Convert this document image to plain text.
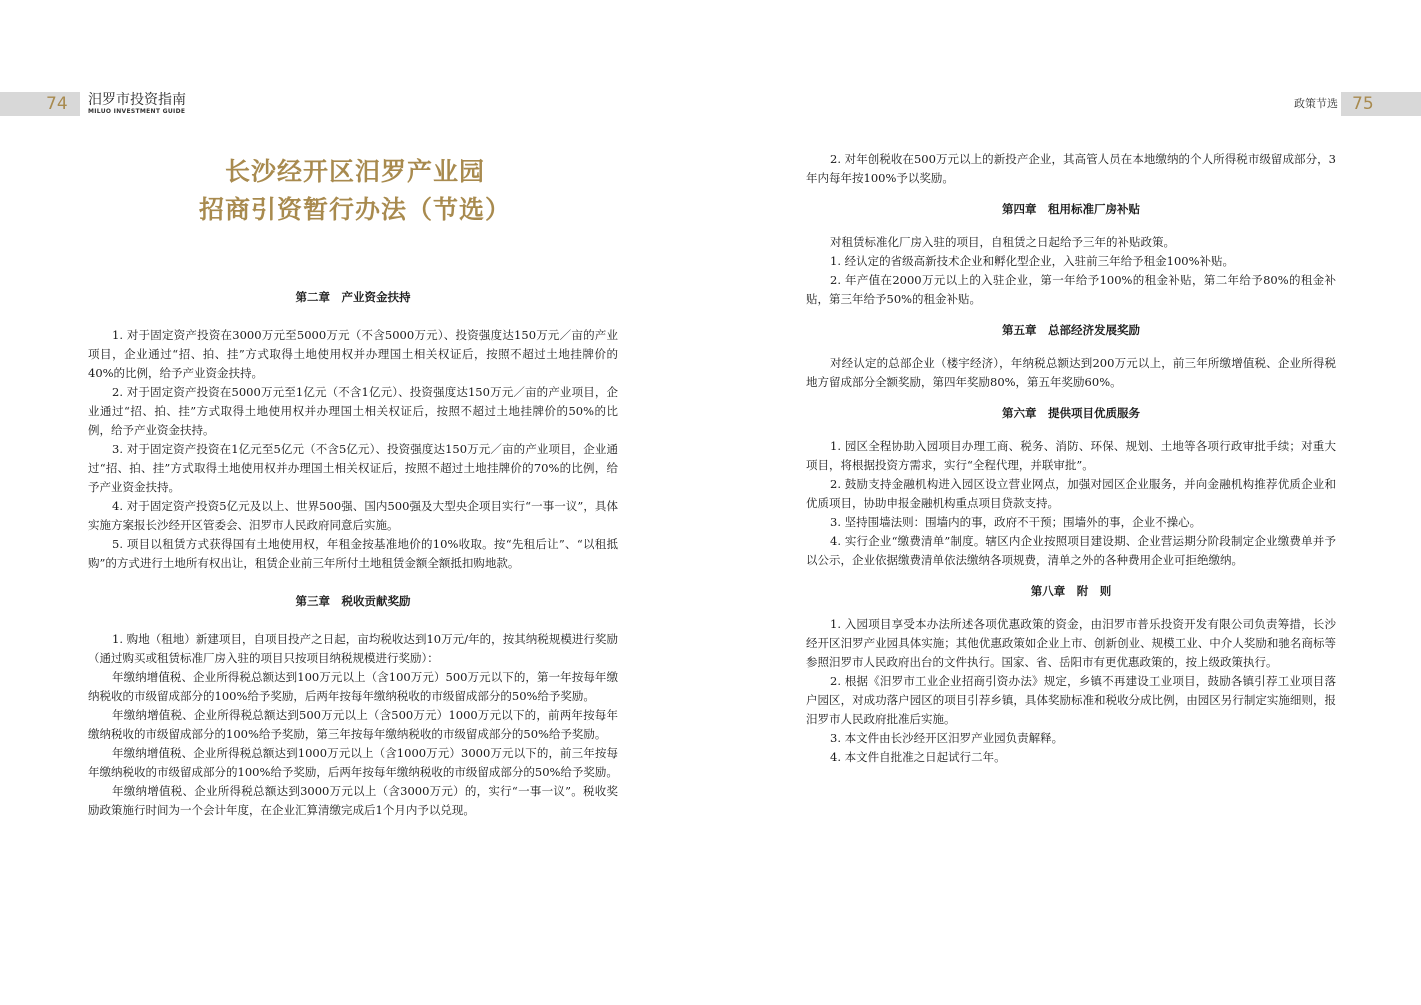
74 汨罗市投资指南
MILUO INVESTMENT GUIDE
政策节选 75
长沙经开区汨罗产业园
招商引资暂行办法（节选）

第二章　产业资金扶持

1. 对于固定资产投资在3000万元至5000万元（不含5000万元）、投资强度达150万元／亩的产业项目，企业通过“招、拍、挂”方式取得土地使用权并办理国土相关权证后，按照不超过土地挂牌价的40%的比例，给予产业资金扶持。

2. 对于固定资产投资在5000万元至1亿元（不含1亿元）、投资强度达150万元／亩的产业项目，企业通过“招、拍、挂”方式取得土地使用权并办理国土相关权证后，按照不超过土地挂牌价的50%的比例，给予产业资金扶持。

3. 对于固定资产投资在1亿元至5亿元（不含5亿元）、投资强度达150万元／亩的产业项目，企业通过“招、拍、挂”方式取得土地使用权并办理国土相关权证后，按照不超过土地挂牌价的70%的比例，给予产业资金扶持。

4. 对于固定资产投资5亿元及以上、世界500强、国内500强及大型央企项目实行“一事一议”，具体实施方案报长沙经开区管委会、汨罗市人民政府同意后实施。

5. 项目以租赁方式获得国有土地使用权，年租金按基准地价的10%收取。按“先租后让”、“以租抵购”的方式进行土地所有权出让，租赁企业前三年所付土地租赁金额全额抵扣购地款。

第三章　税收贡献奖励

1. 购地（租地）新建项目，自项目投产之日起，亩均税收达到10万元/年的，按其纳税规模进行奖励（通过购买或租赁标准厂房入驻的项目只按项目纳税规模进行奖励）：

年缴纳增值税、企业所得税总额达到100万元以上（含100万元）500万元以下的，第一年按每年缴纳税收的市级留成部分的100%给予奖励，后两年按每年缴纳税收的市级留成部分的50%给予奖励。

年缴纳增值税、企业所得税总额达到500万元以上（含500万元）1000万元以下的，前两年按每年缴纳税收的市级留成部分的100%给予奖励，第三年按每年缴纳税收的市级留成部分的50%给予奖励。

年缴纳增值税、企业所得税总额达到1000万元以上（含1000万元）3000万元以下的，前三年按每年缴纳税收的市级留成部分的100%给予奖励，后两年按每年缴纳税收的市级留成部分的50%给予奖励。

年缴纳增值税、企业所得税总额达到3000万元以上（含3000万元）的，实行“一事一议”。税收奖励政策施行时间为一个会计年度，在企业汇算清缴完成后1个月内予以兑现。

2. 对年创税收在500万元以上的新投产企业，其高管人员在本地缴纳的个人所得税市级留成部分，3年内每年按100%予以奖励。

第四章　租用标准厂房补贴

对租赁标准化厂房入驻的项目，自租赁之日起给予三年的补贴政策。

1. 经认定的省级高新技术企业和孵化型企业，入驻前三年给予租金100%补贴。

2. 年产值在2000万元以上的入驻企业，第一年给予100%的租金补贴，第二年给予80%的租金补贴，第三年给予50%的租金补贴。

第五章　总部经济发展奖励

对经认定的总部企业（楼宇经济），年纳税总额达到200万元以上，前三年所缴增值税、企业所得税地方留成部分全额奖励，第四年奖励80%，第五年奖励60%。

第六章　提供项目优质服务

1. 园区全程协助入园项目办理工商、税务、消防、环保、规划、土地等各项行政审批手续；对重大项目，将根据投资方需求，实行“全程代理，并联审批”。

2. 鼓励支持金融机构进入园区设立营业网点，加强对园区企业服务，并向金融机构推荐优质企业和优质项目，协助申报金融机构重点项目贷款支持。

3. 坚持围墙法则：围墙内的事，政府不干预；围墙外的事，企业不操心。

4. 实行企业“缴费清单”制度。辖区内企业按照项目建设期、企业营运期分阶段制定企业缴费单并予以公示，企业依据缴费清单依法缴纳各项规费，清单之外的各种费用企业可拒绝缴纳。

第八章　附　则

1. 入园项目享受本办法所述各项优惠政策的资金，由汨罗市普乐投资开发有限公司负责筹措，长沙经开区汨罗产业园具体实施；其他优惠政策如企业上市、创新创业、规模工业、中介人奖励和驰名商标等参照汨罗市人民政府出台的文件执行。国家、省、岳阳市有更优惠政策的，按上级政策执行。

2. 根据《汨罗市工业企业招商引资办法》规定，乡镇不再建设工业项目，鼓励各镇引荐工业项目落户园区，对成功落户园区的项目引荐乡镇，具体奖励标准和税收分成比例，由园区另行制定实施细则，报汨罗市人民政府批准后实施。

3. 本文件由长沙经开区汨罗产业园负责解释。

4. 本文件自批准之日起试行二年。
